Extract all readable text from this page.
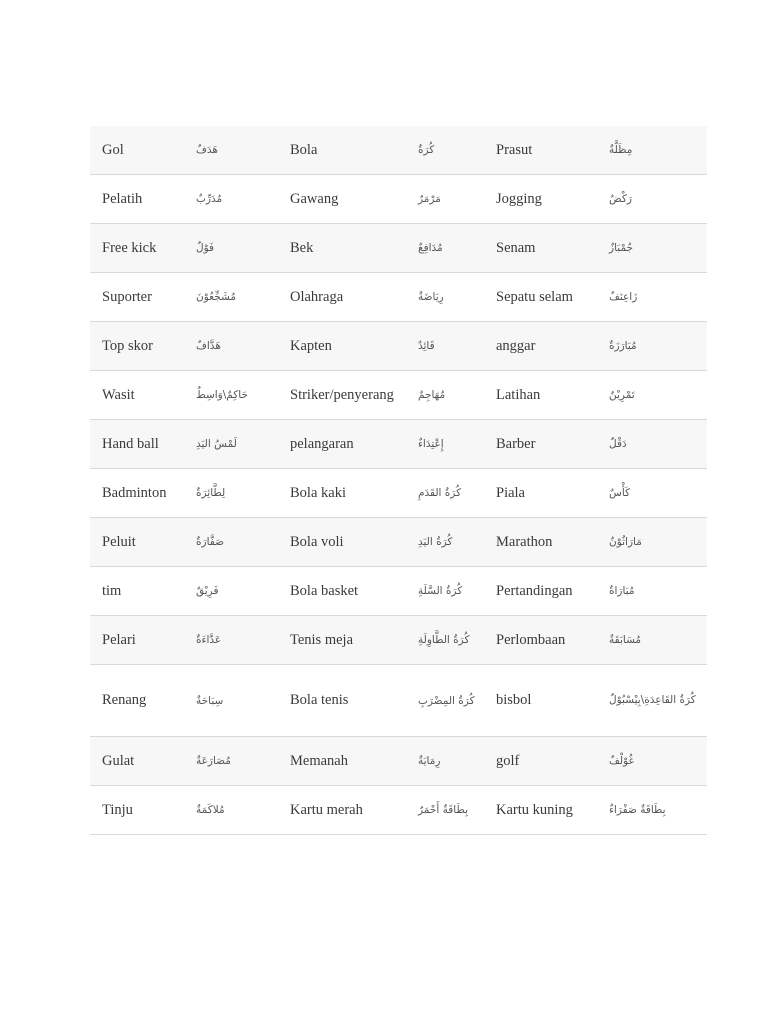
Gol	هَدَفٌ	Bola	كُرَةٌ	Prasut	مِظَلَّةٌ
Pelatih	مُدَرِّبٌ	Gawang	مَرْمَرٌ	Jogging	رَكْضٌ
Free kick	فَوْلٌ	Bek	مُدَافِعٌ	Senam	جُمْبَازٌ
Suporter	مُشَجِّعُوْنَ	Olahraga	رِيَاضَةٌ	Sepatu selam	زَاعِنَفٌ
Top skor	هَدَّافٌ	Kapten	قَائِدٌ	anggar	مُبَارَزَةٌ
Wasit	حَاكِمٌ\وَاسِطٌ	Striker/penyerang	مُهَاجِمٌ	Latihan	تَمْرِيْنٌ
Hand ball	لَمْسُ اليَدِ	pelangaran	إِعْتِدَاءٌ	Barber	دَقْلٌ
Badminton	لِطَّائِرَةٌ	Bola kaki	كُرَةُ القَدَمِ	Piala	كَأْسٌ
Peluit	صَفَّارَةٌ	Bola voli	كُرَةُ اليَدِ	Marathon	مَارَاثُوْنٌ
tim	فَرِيْقٌ	Bola basket	كُرَةُ السَّلَةِ	Pertandingan	مُبَارَاةٌ
Pelari	عَدَّاءَةٌ	Tenis meja	كُرَةُ الطَّاوِلَةِ	Perlombaan	مُسَابَقَةٌ
Renang	سِبَاحَةٌ	Bola tenis	كُرَةُ المِضْرَبِ	bisbol	كُرَةُ القَاعِدَةِ\بِيْسْبُوْلٌ
Gulat	مُصَارَعَةٌ	Memanah	رِمَايَةٌ	golf	غُوْلْفٌ
Tinju	مُلاكَمَةٌ	Kartu merah	بِطَاقَةٌ أَحْمَرٌ	Kartu kuning	بِطَاقَةٌ صَفْرَاءٌ
